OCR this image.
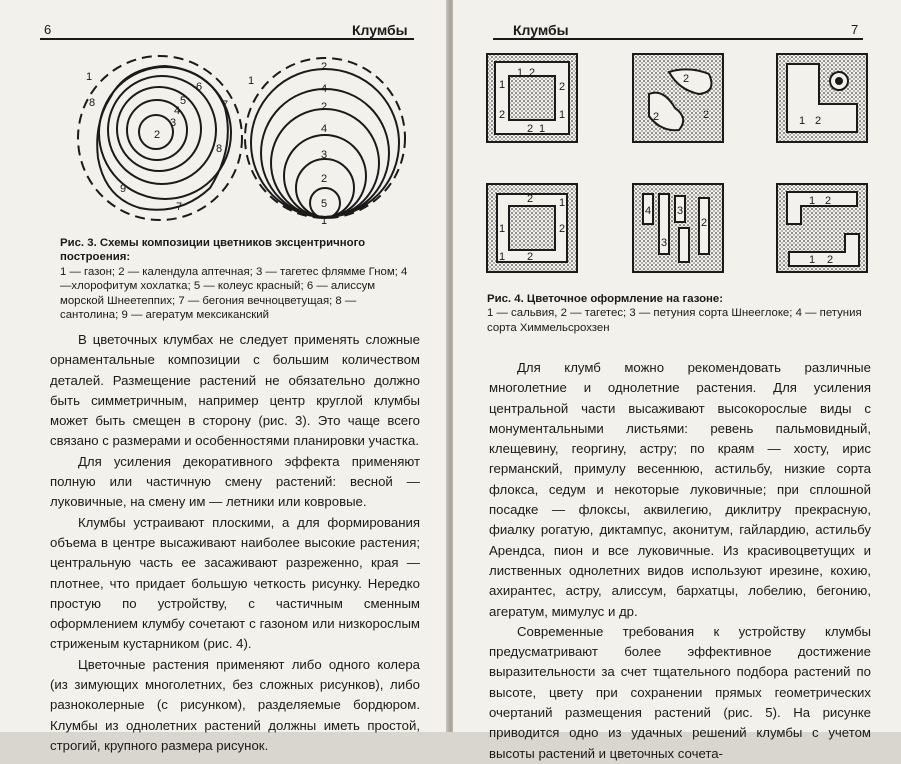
6	Клумбы
1
8
2
3
4
5
6
7
8
9
7
1
2
4
2
4
3
2
5
1
Рис. 3. Схемы композиции цветников эксцентричного построения:
1 — газон; 2 — календула аптечная; 3 — тагетес флямме Гном; 4—хлорофитум хохлатка; 5 — колеус красный; 6 — алиссум морской Шнеетеппих; 7 — бегония вечноцветущая; 8 — сантолина; 9 — агератум мексиканский

В цветочных клумбах не следует применять сложные орнаментальные композиции с большим количеством деталей. Размещение растений не обязательно должно быть симметричным, например центр круглой клумбы может быть смещен в сторону (рис. 3). Это чаще всего связано с размерами и особенностями планировки участка.

Для усиления декоративного эффекта применяют полную или частичную смену растений: весной — луковичные, на смену им — летники или ковровые.

Клумбы устраивают плоскими, а для формирования объема в центре высаживают наиболее высокие растения; центральную часть ее засаживают разреженно, края — плотнее, что придает большую четкость рисунку. Нередко простую по устройству, с частичным сменным оформлением клумбу сочетают с газоном или низкорослым стриженым кустарником (рис. 4).

Цветочные растения применяют либо одного колера (из зимующих многолетних, без сложных рисунков), либо разноколерные (с рисунком), разделяемые бордюром. Клумбы из однолетних растений должны иметь простой, строгий, крупного размера рисунок.

Клумбы	7
1 2
1	2
2	1
2 1
2
2	2	1 2
2 1
1	2
1 2
4
3
3
2
1 2
1 2
Рис. 4. Цветочное оформление на газоне:
1 — сальвия, 2 — тагетес; 3 — петуния сорта Шнееглоке; 4 — петуния сорта Химмельсрохзен

Для клумб можно рекомендовать различные многолетние и однолетние растения. Для усиления центральной части высаживают высокорослые виды с монументальными листьями: ревень пальмовидный, клещевину, георгину, астру; по краям — хосту, ирис германский, примулу весеннюю, астильбу, низкие сорта флокса, седум и некоторые луковичные; при сплошной посадке — флоксы, аквилегию, диклитру прекрасную, фиалку рогатую, диктампус, аконитум, гайлардию, астильбу Арендса, пион и все луковичные. Из красивоцветущих и лиственных однолетних видов используют ирезине, кохию, ахирантес, астру, алиссум, бархатцы, лобелию, бегонию, агератум, мимулус и др.

Современные требования к устройству клумбы предусматривают более эффективное достижение выразительности за счет тщательного подбора растений по высоте, цвету при сохранении прямых геометрических очертаний размещения растений (рис. 5). На рисунке приводится одно из удачных решений клумбы с учетом высоты растений и цветочных сочета-
